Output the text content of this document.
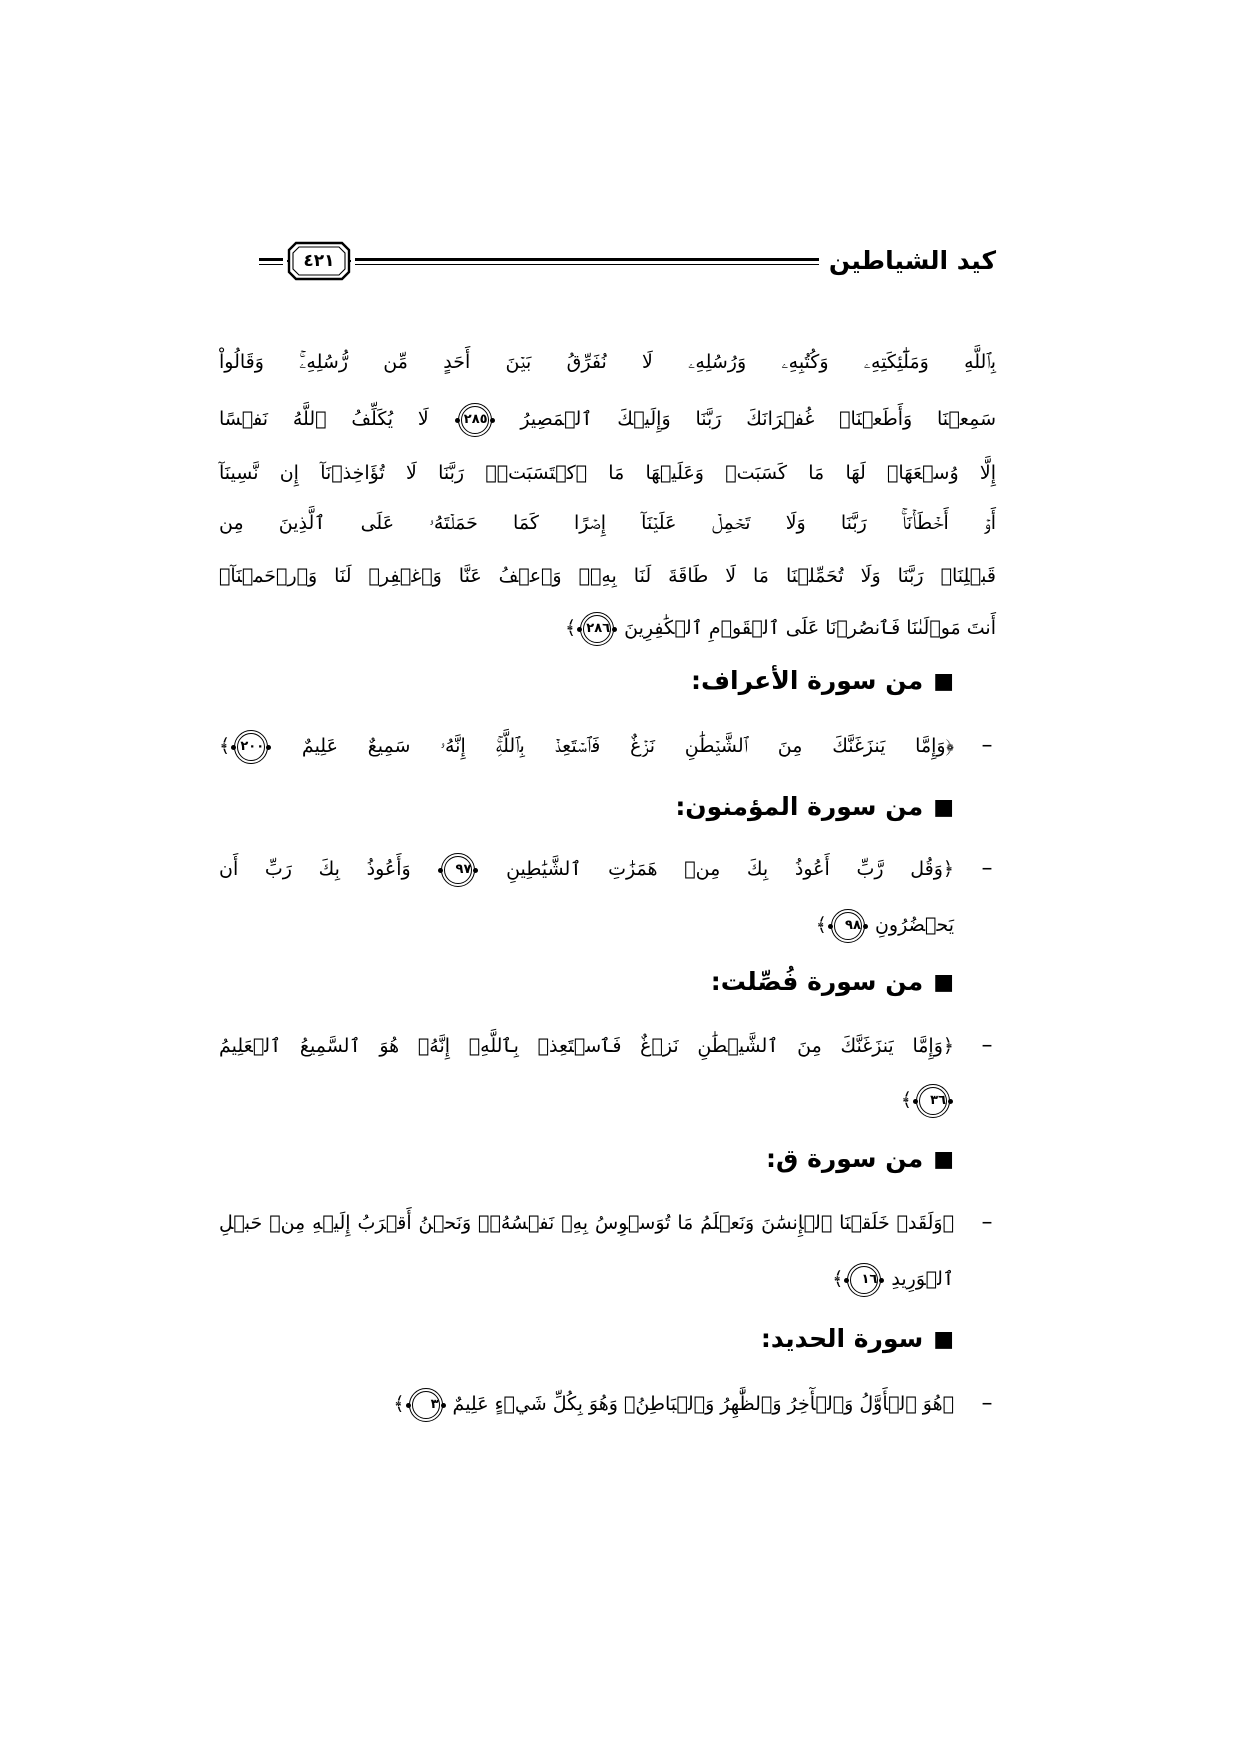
كيد الشياطين
٤٢١
بِٱللَّهِ وَمَلَٰٓئِكَتِهِۦ وَكُتُبِهِۦ وَرُسُلِهِۦ لَا نُفَرِّقُ بَيۡنَ أَحَدٍ مِّن رُّسُلِهِۦۚ وَقَالُواْ
سَمِعۡنَا وَأَطَعۡنَاۖ غُفۡرَانَكَ رَبَّنَا وَإِلَيۡكَ ٱلۡمَصِيرُ ٢٨٥ لَا يُكَلِّفُ ٱللَّهُ نَفۡسًا
إِلَّا وُسۡعَهَاۚ لَهَا مَا كَسَبَتۡ وَعَلَيۡهَا مَا ٱكۡتَسَبَتۡۗ رَبَّنَا لَا تُؤَاخِذۡنَآ إِن نَّسِينَآ
أَوۡ أَخۡطَأۡنَاۚ رَبَّنَا وَلَا تَحۡمِلۡ عَلَيۡنَآ إِصۡرًا كَمَا حَمَلۡتَهُۥ عَلَى ٱلَّذِينَ مِن
قَبۡلِنَاۚ رَبَّنَا وَلَا تُحَمِّلۡنَا مَا لَا طَاقَةَ لَنَا بِهِۦۖ وَٱعۡفُ عَنَّا وَٱغۡفِرۡ لَنَا وَٱرۡحَمۡنَآۚ
أَنتَ مَوۡلَىٰنَا فَٱنصُرۡنَا عَلَى ٱلۡقَوۡمِ ٱلۡكَٰفِرِينَ ٢٨٦﴾
■من سورة الأعراف:
–
﴿وَإِمَّا يَنزَغَنَّكَ مِنَ ٱلشَّيۡطَٰنِ نَزۡغٌ فَٱسۡتَعِذۡ بِٱللَّهِۚ إِنَّهُۥ سَمِيعٌ عَلِيمٌ ٢٠٠﴾
■من سورة المؤمنون:
–
﴿وَقُل رَّبِّ أَعُوذُ بِكَ مِنۡ هَمَزَٰتِ ٱلشَّيَٰطِينِ ٩٧ وَأَعُوذُ بِكَ رَبِّ أَن
يَحۡضُرُونِ ٩٨﴾
■من سورة فُصِّلت:
–
﴿وَإِمَّا يَنزَغَنَّكَ مِنَ ٱلشَّيۡطَٰنِ نَزۡغٌ فَٱسۡتَعِذۡ بِٱللَّهِۖ إِنَّهُۥ هُوَ ٱلسَّمِيعُ ٱلۡعَلِيمُ
٣٦﴾
■من سورة ق:
–
﴿وَلَقَدۡ خَلَقۡنَا ٱلۡإِنسَٰنَ وَنَعۡلَمُ مَا تُوَسۡوِسُ بِهِۦ نَفۡسُهُۥۖ وَنَحۡنُ أَقۡرَبُ إِلَيۡهِ مِنۡ حَبۡلِ
ٱلۡوَرِيدِ ١٦﴾
■سورة الحديد:
–
﴿هُوَ ٱلۡأَوَّلُ وَٱلۡأٓخِرُ وَٱلظَّٰهِرُ وَٱلۡبَاطِنُۖ وَهُوَ بِكُلِّ شَيۡءٍ عَلِيمٌ ٣﴾
